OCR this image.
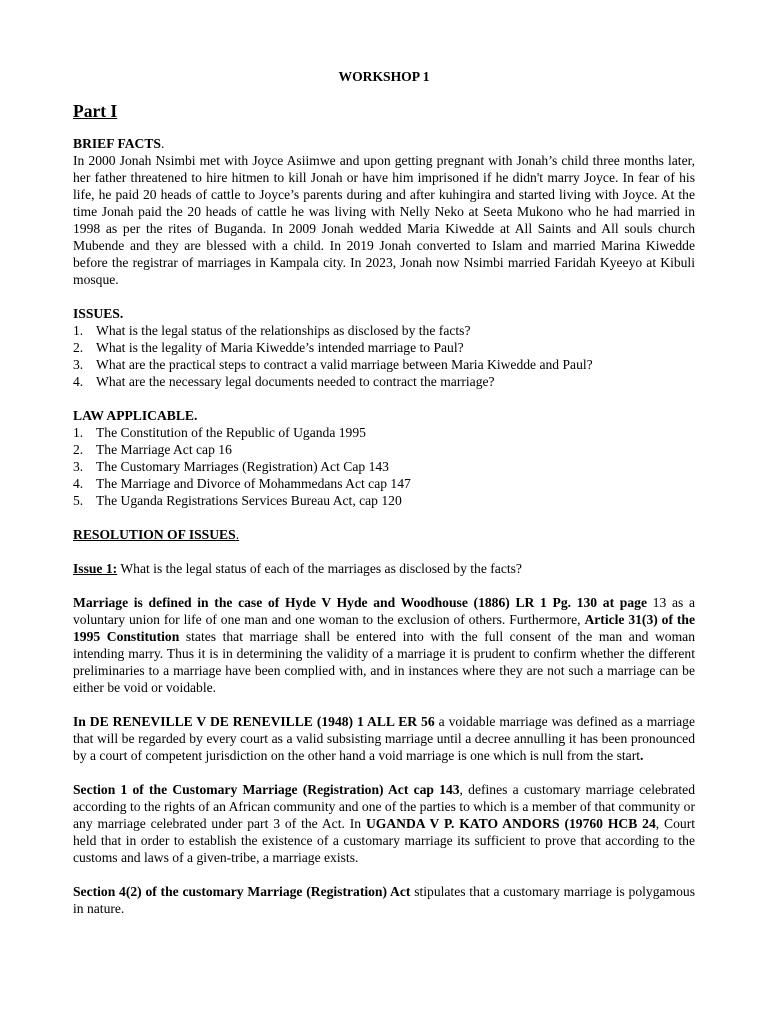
WORKSHOP 1
Part I
BRIEF FACTS.

In 2000 Jonah Nsimbi met with Joyce Asiimwe and upon getting pregnant with Jonah’s child three months later, her father threatened to hire hitmen to kill Jonah or have him imprisoned if he didn't marry Joyce. In fear of his life, he paid 20 heads of cattle to Joyce’s parents during and after kuhingira and started living with Joyce. At the time Jonah paid the 20 heads of cattle he was living with Nelly Neko at Seeta Mukono who he had married in 1998 as per the rites of Buganda. In 2009 Jonah wedded Maria Kiwedde at All Saints and All souls church Mubende and they are blessed with a child. In 2019 Jonah converted to Islam and married Marina Kiwedde before the registrar of marriages in Kampala city. In 2023, Jonah now Nsimbi married Faridah Kyeeyo at Kibuli mosque.

ISSUES.
1. What is the legal status of the relationships as disclosed by the facts?
2. What is the legality of Maria Kiwedde’s intended marriage to Paul?
3. What are the practical steps to contract a valid marriage between Maria Kiwedde and Paul?
4. What are the necessary legal documents needed to contract the marriage?
LAW APPLICABLE.
1. The Constitution of the Republic of Uganda 1995
2. The Marriage Act cap 16
3. The Customary Marriages (Registration) Act Cap 143
4. The Marriage and Divorce of Mohammedans Act cap 147
5. The Uganda Registrations Services Bureau Act, cap 120
RESOLUTION OF ISSUES.

Issue 1: What is the legal status of each of the marriages as disclosed by the facts?

Marriage is defined in the case of Hyde V Hyde and Woodhouse (1886) LR 1 Pg. 130 at page 13 as a voluntary union for life of one man and one woman to the exclusion of others. Furthermore, Article 31(3) of the 1995 Constitution states that marriage shall be entered into with the full consent of the man and woman intending marry. Thus it is in determining the validity of a marriage it is prudent to confirm whether the different preliminaries to a marriage have been complied with, and in instances where they are not such a marriage can be either be void or voidable.

In DE RENEVILLE V DE RENEVILLE (1948) 1 ALL ER 56 a voidable marriage was defined as a marriage that will be regarded by every court as a valid subsisting marriage until a decree annulling it has been pronounced by a court of competent jurisdiction on the other hand a void marriage is one which is null from the start.

Section 1 of the Customary Marriage (Registration) Act cap 143, defines a customary marriage celebrated according to the rights of an African community and one of the parties to which is a member of that community or any marriage celebrated under part 3 of the Act. In UGANDA V P. KATO ANDORS (19760 HCB 24, Court held that in order to establish the existence of a customary marriage its sufficient to prove that according to the customs and laws of a given-tribe, a marriage exists.

Section 4(2) of the customary Marriage (Registration) Act stipulates that a customary marriage is polygamous in nature.
